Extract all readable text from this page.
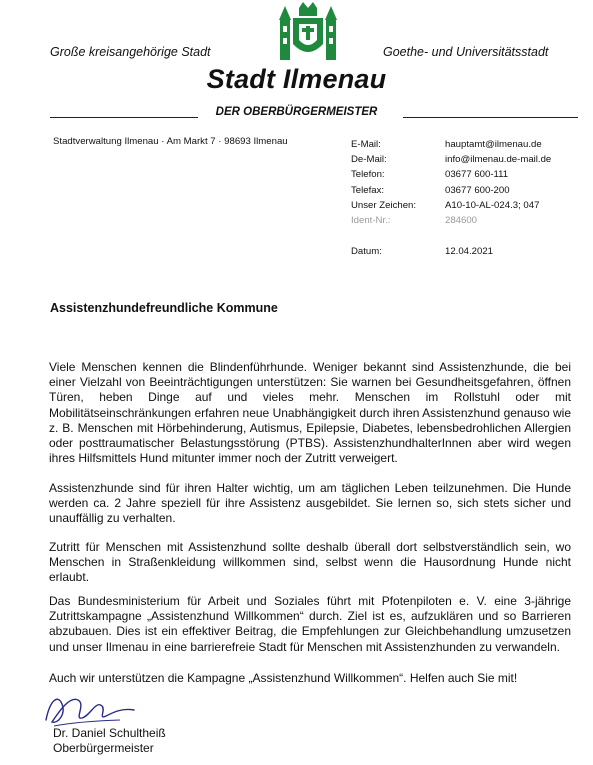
Große kreisangehörige Stadt	Goethe- und Universitätsstadt
Stadt Ilmenau
DER OBERBÜRGERMEISTER
Stadtverwaltung Ilmenau · Am Markt 7 · 98693 Ilmenau	E-Mail:	hauptamt@ilmenau.de
De-Mail:	info@ilmenau.de-mail.de
Telefon:	03677 600-111
Telefax:	03677 600-200
Unser Zeichen:	A10-10-AL-024.3; 047
Ident-Nr.:	284600
Datum:	12.04.2021
Assistenzhundefreundliche Kommune
Viele Menschen kennen die Blindenführhunde. Weniger bekannt sind Assistenzhunde, die bei einer Vielzahl von Beeinträchtigungen unterstützen: Sie warnen bei Gesundheitsgefahren, öffnen Türen, heben Dinge auf und vieles mehr. Menschen im Rollstuhl oder mit Mobilitätseinschränkungen erfahren neue Unabhängigkeit durch ihren Assistenzhund genauso wie z. B. Menschen mit Hörbehinderung, Autismus, Epilepsie, Diabetes, lebensbedrohlichen Allergien oder posttraumatischer Belastungsstörung (PTBS). AssistenzhundhalterInnen aber wird wegen ihres Hilfsmittels Hund mitunter immer noch der Zutritt verweigert.
Assistenzhunde sind für ihren Halter wichtig, um am täglichen Leben teilzunehmen. Die Hunde werden ca. 2 Jahre speziell für ihre Assistenz ausgebildet. Sie lernen so, sich stets sicher und unauffällig zu verhalten.
Zutritt für Menschen mit Assistenzhund sollte deshalb überall dort selbstverständlich sein, wo Menschen in Straßenkleidung willkommen sind, selbst wenn die Hausordnung Hunde nicht erlaubt.
Das Bundesministerium für Arbeit und Soziales führt mit Pfotenpiloten e. V. eine 3-jährige Zutrittskampagne „Assistenzhund Willkommen“ durch. Ziel ist es, aufzuklären und so Barrieren abzubauen. Dies ist ein effektiver Beitrag, die Empfehlungen zur Gleichbehandlung umzusetzen und unser Ilmenau in eine barrierefreie Stadt für Menschen mit Assistenzhunden zu verwandeln.
Auch wir unterstützen die Kampagne „Assistenzhund Willkommen“. Helfen auch Sie mit!
Dr. Daniel Schultheiß
Oberbürgermeister
